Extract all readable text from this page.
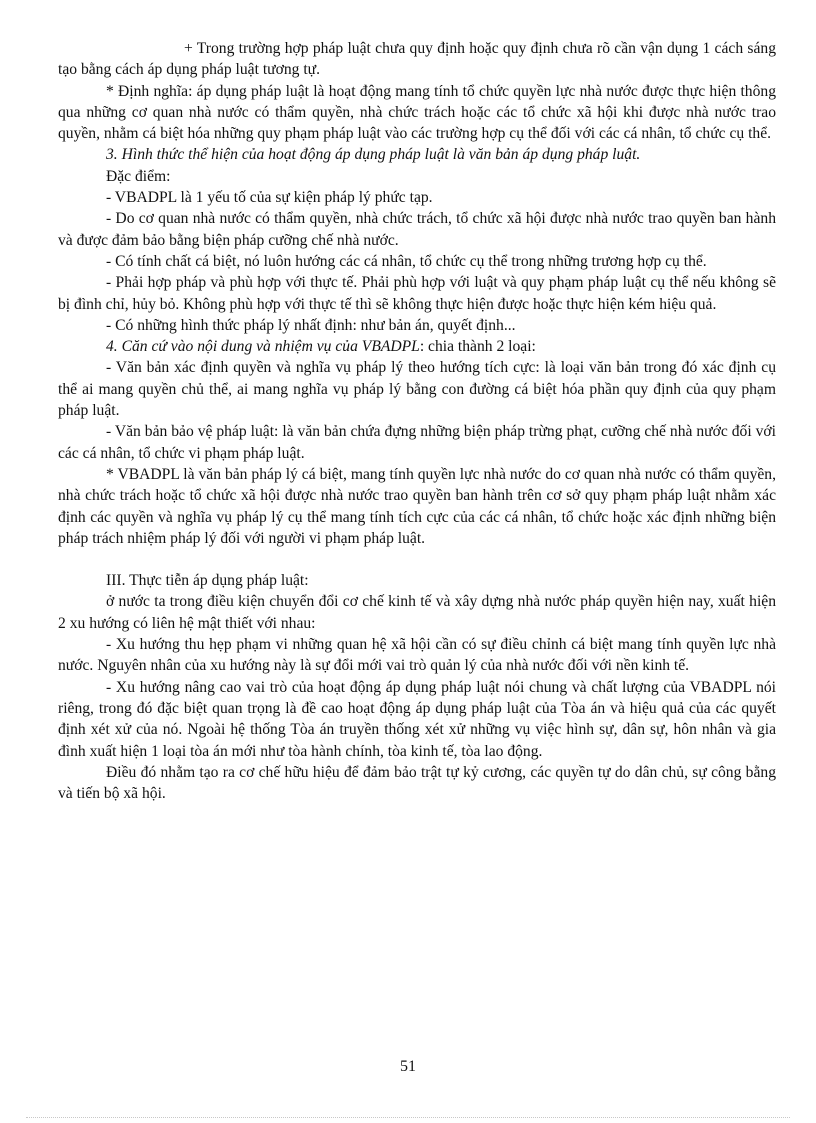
+ Trong trường hợp pháp luật chưa quy định hoặc quy định chưa rõ cần vận dụng 1 cách sáng tạo bằng cách áp dụng pháp luật tương tự.

* Định nghĩa: áp dụng pháp luật là hoạt động mang tính tổ chức quyền lực nhà nước được thực hiện thông qua những cơ quan nhà nước có thẩm quyền, nhà chức trách hoặc các tổ chức xã hội khi được nhà nước trao quyền, nhằm cá biệt hóa những quy phạm pháp luật vào các trường hợp cụ thể đối với các cá nhân, tổ chức cụ thể.

3. Hình thức thể hiện của hoạt động áp dụng pháp luật là văn bản áp dụng pháp luật.

Đặc điểm:

- VBADPL là 1 yếu tố của sự kiện pháp lý phức tạp.

- Do cơ quan nhà nước có thẩm quyền, nhà chức trách, tổ chức xã hội được nhà nước trao quyền ban hành và được đảm bảo bằng biện pháp cưỡng chế nhà nước.

- Có tính chất cá biệt, nó luôn hướng các cá nhân, tổ chức cụ thể trong những trương hợp cụ thể.

- Phải hợp pháp và phù hợp với thực tế. Phải phù hợp với luật và quy phạm pháp luật cụ thể nếu không sẽ bị đình chỉ, hủy bỏ. Không phù hợp với thực tế thì sẽ không thực hiện được hoặc thực hiện kém hiệu quả.

- Có những hình thức pháp lý nhất định: như bản án, quyết định...

4. Căn cứ vào nội dung và nhiệm vụ của VBADPL: chia thành 2 loại:

- Văn bản xác định quyền và nghĩa vụ pháp lý theo hướng tích cực: là loại văn bản trong đó xác định cụ thể ai mang quyền chủ thể, ai mang nghĩa vụ pháp lý bằng con đường cá biệt hóa phần quy định của quy phạm pháp luật.

- Văn bản bảo vệ pháp luật: là văn bản chứa đựng những biện pháp trừng phạt, cưỡng chế nhà nước đối với các cá nhân, tổ chức vi phạm pháp luật.

* VBADPL là văn bản pháp lý cá biệt, mang tính quyền lực nhà nước do cơ quan nhà nước có thẩm quyền, nhà chức trách hoặc tổ chức xã hội được nhà nước trao quyền ban hành trên cơ sở quy phạm pháp luật nhằm xác định các quyền và nghĩa vụ pháp lý cụ thể mang tính tích cực của các cá nhân, tổ chức hoặc xác định những biện pháp trách nhiệm pháp lý đối với người vi phạm pháp luật.

III. Thực tiễn áp dụng pháp luật:

ở nước ta trong điều kiện chuyển đổi cơ chế kinh tế và xây dựng nhà nước pháp quyền hiện nay, xuất hiện 2 xu hướng có liên hệ mật thiết với nhau:

- Xu hướng thu hẹp phạm vi những quan hệ xã hội cần có sự điều chỉnh cá biệt mang tính quyền lực nhà nước. Nguyên nhân của xu hướng này là sự đổi mới vai trò quản lý của nhà nước đối với nền kinh tế.

- Xu hướng nâng cao vai trò của hoạt động áp dụng pháp luật nói chung và chất lượng của VBADPL nói riêng, trong đó đặc biệt quan trọng là đề cao hoạt động áp dụng pháp luật của Tòa án và hiệu quả của các quyết định xét xử của nó. Ngoài hệ thống Tòa án truyền thống xét xử những vụ việc hình sự, dân sự, hôn nhân và gia đình xuất hiện 1 loại tòa án mới như tòa hành chính, tòa kinh tế, tòa lao động.

Điều đó nhằm tạo ra cơ chế hữu hiệu để đảm bảo trật tự kỷ cương, các quyền tự do dân chủ, sự công bằng và tiến bộ xã hội.

51
